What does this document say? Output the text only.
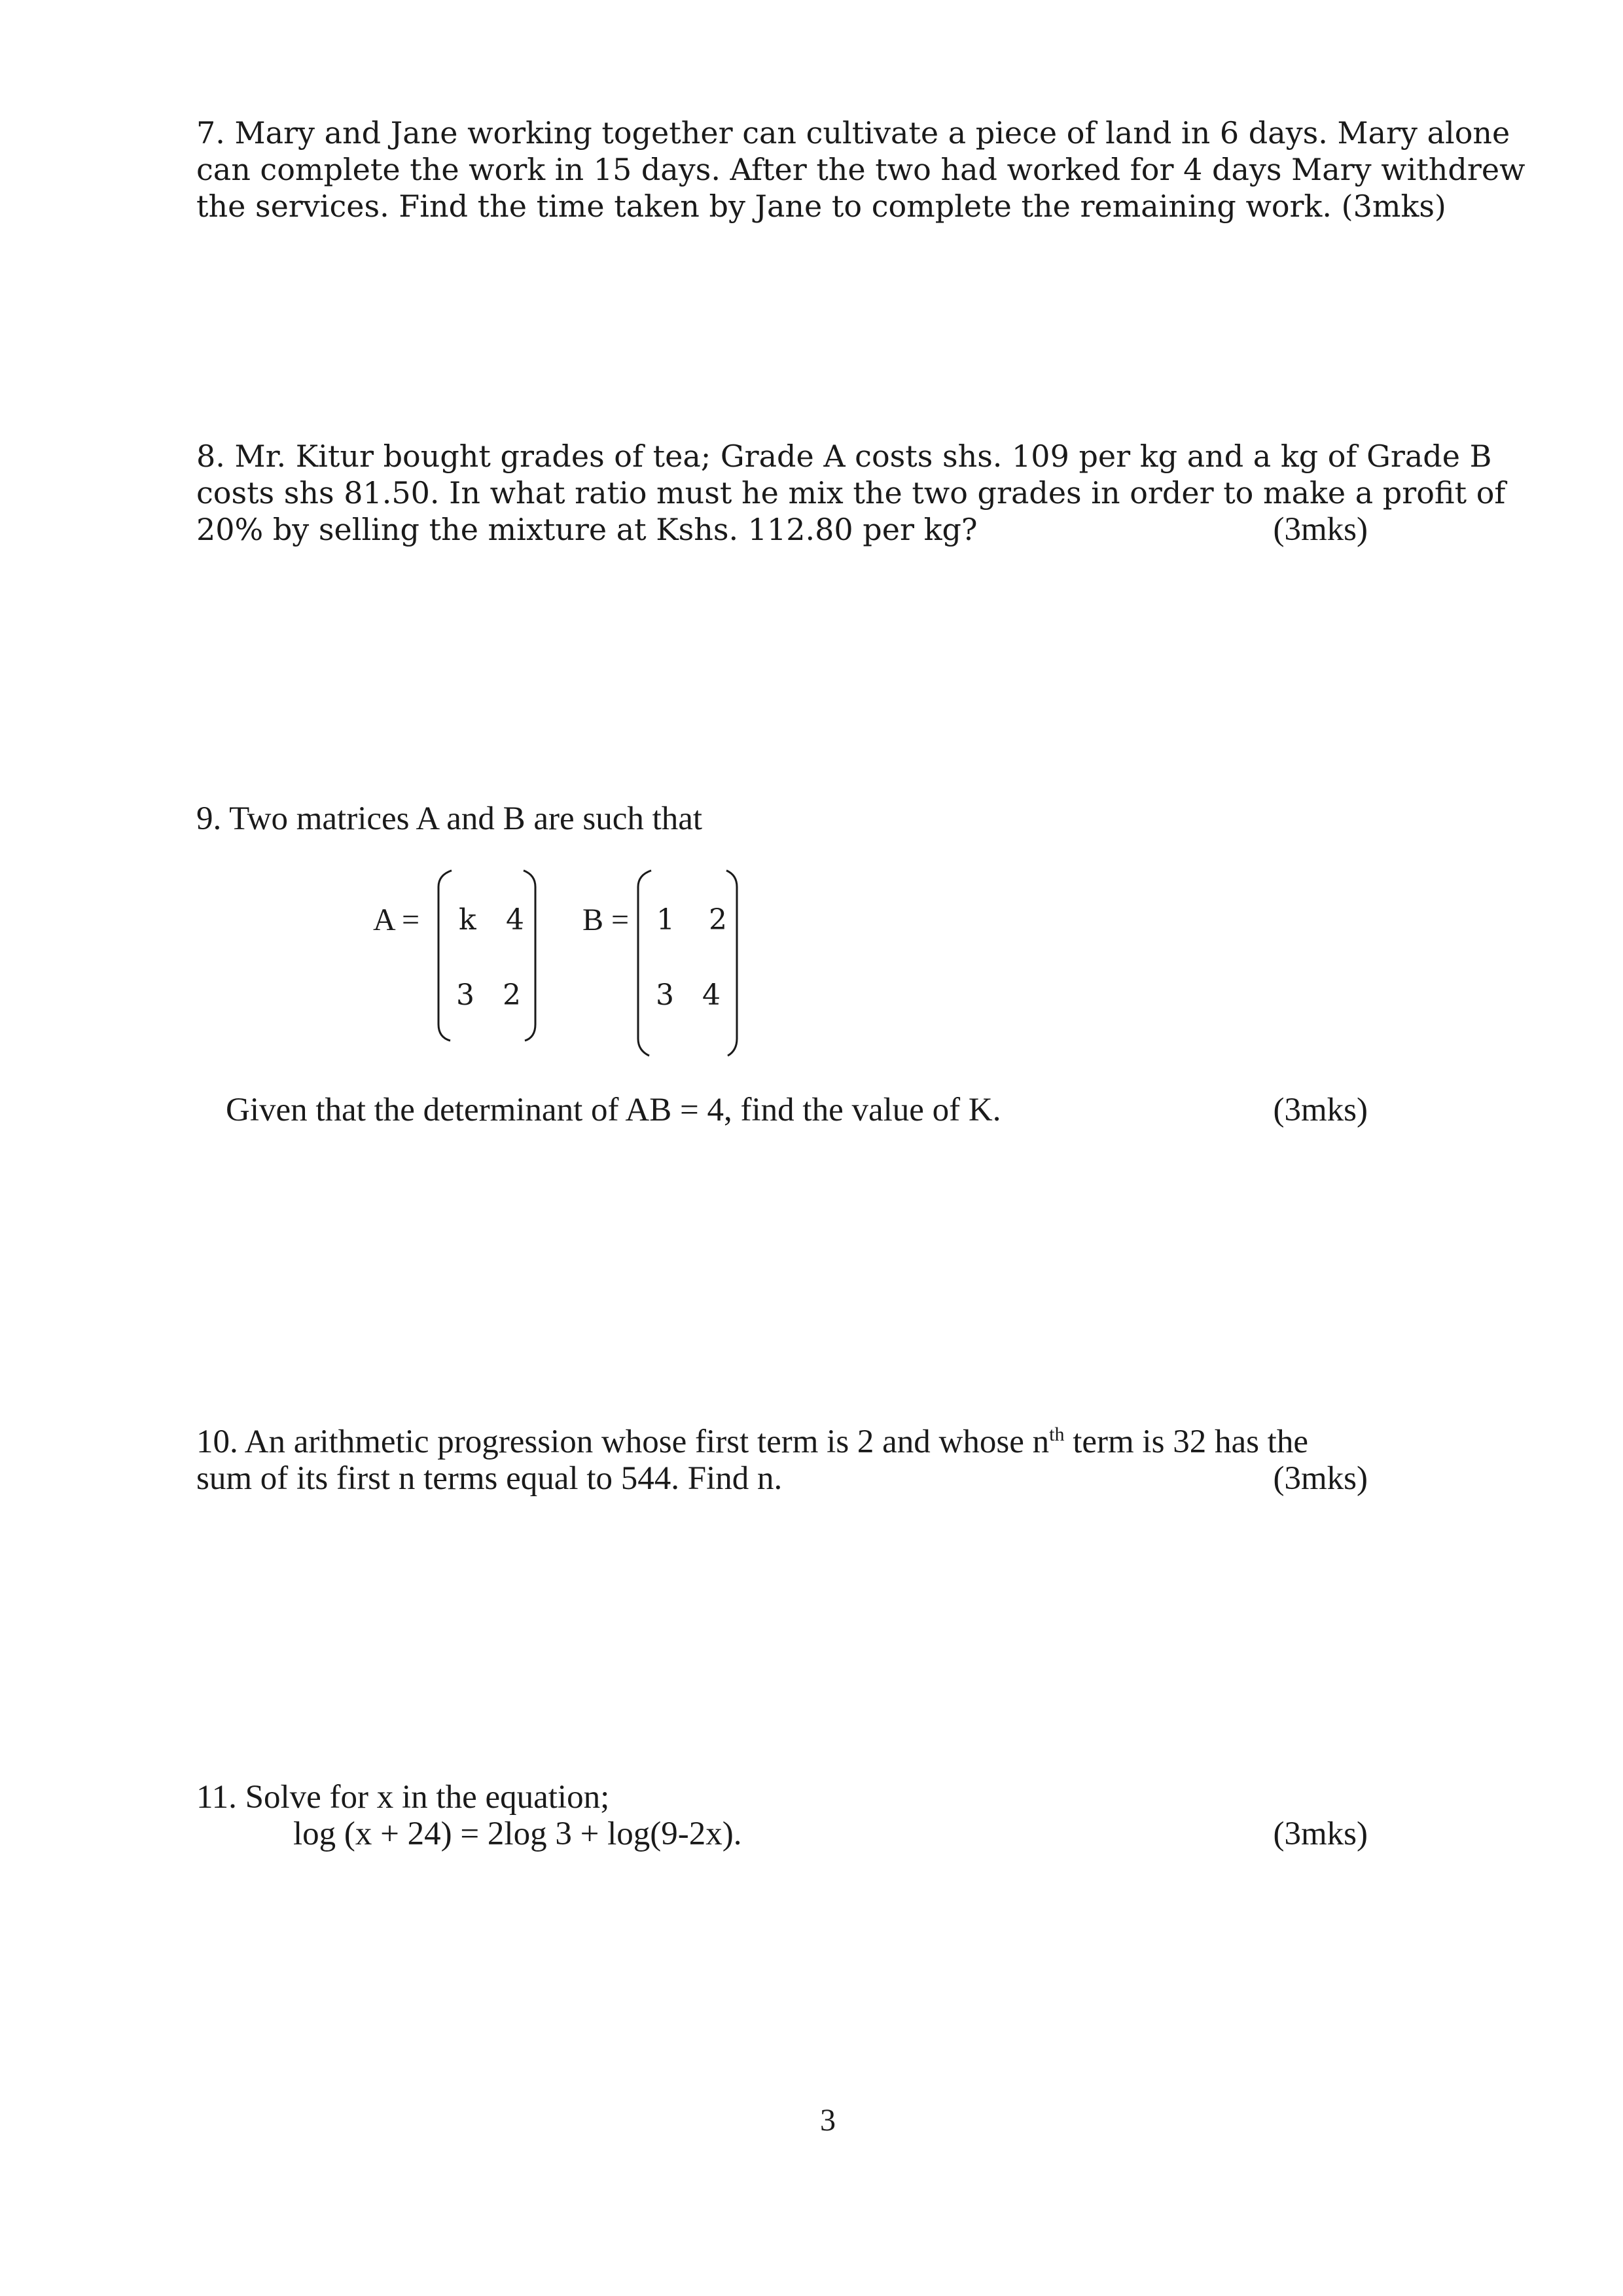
7. Mary and Jane working together can cultivate a piece of land in 6 days. Mary alone

can complete the work in 15 days. After the two had worked for 4 days Mary withdrew

the services. Find the time taken by Jane to complete the remaining work. (3mks)

8. Mr. Kitur bought grades of tea; Grade A costs shs. 109 per kg and a kg of Grade B

costs shs 81.50. In what ratio must he mix the two grades in order to make a profit of

20% by selling the mixture at Kshs. 112.80 per kg?	(3mks)

9. Two matrices A and B are such that

A = k 4
3 2
B = 1 2
3 4

Given that the determinant of AB = 4, find the value of K.	(3mks)

10. An arithmetic progression whose first term is 2 and whose $n^{th}$ term is 32 has the

sum of its first n terms equal to 544. Find n.	(3mks)

11. Solve for x in the equation;

log (x + 24) = 2log 3 + log(9-2x).	(3mks)
3
